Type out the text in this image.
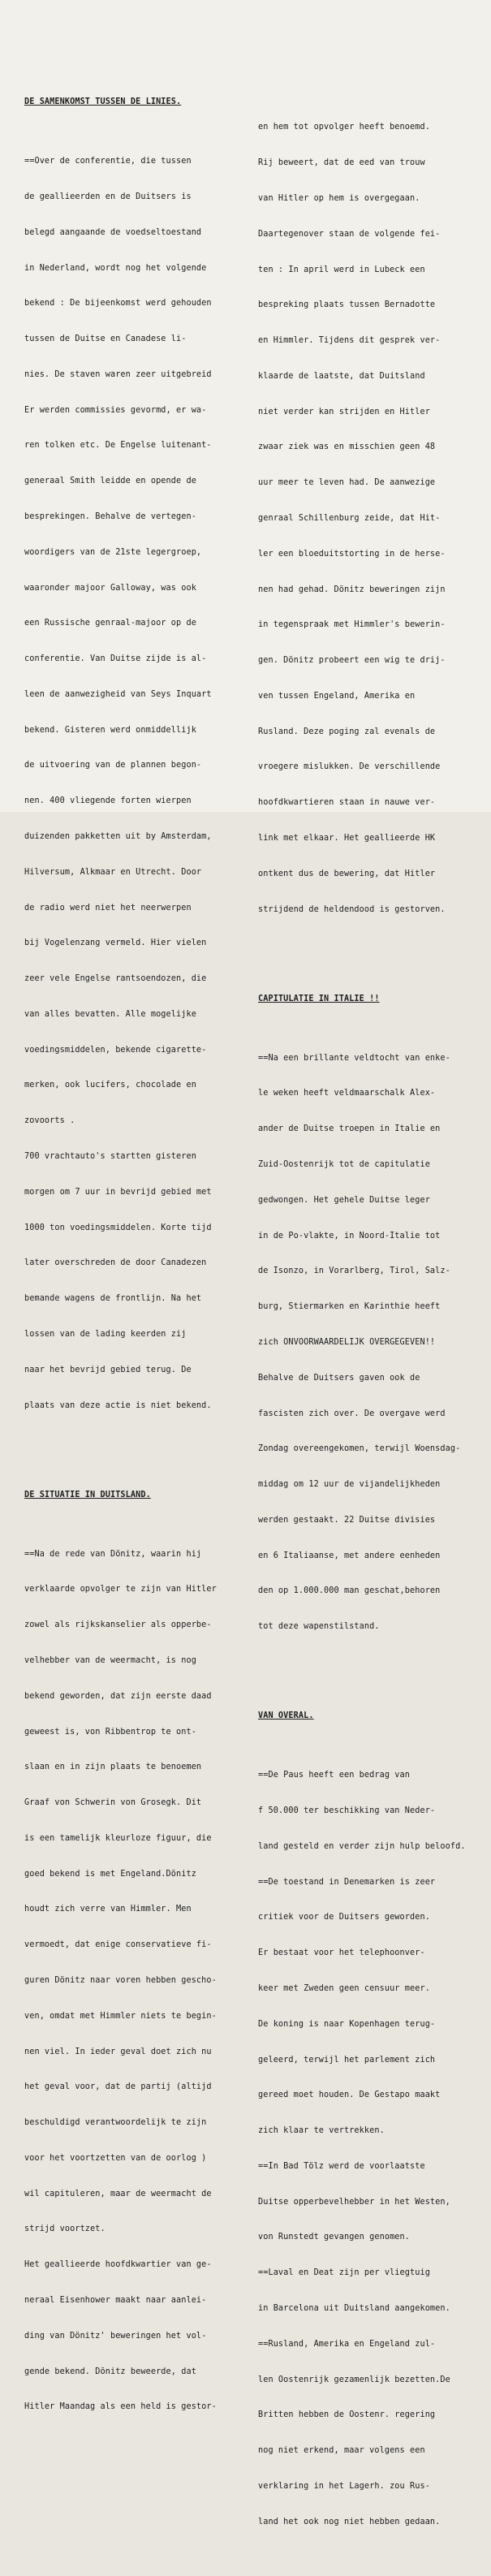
DE SAMENKOMST TUSSEN DE LINIES.

==Over de conferentie, die tussen

de geallieerden en de Duitsers is

belegd aangaande de voedseltoestand

in Nederland, wordt nog het volgende

bekend : De bijeenkomst werd gehouden

tussen de Duitse en Canadese li-

nies. De staven waren zeer uitgebreid

Er werden commissies gevormd, er wa-

ren tolken etc. De Engelse luitenant-

generaal Smith leidde en opende de

besprekingen. Behalve de vertegen-

woordigers van de 21ste legergroep,

waaronder majoor Galloway, was ook

een Russische genraal-majoor op de

conferentie. Van Duitse zijde is al-

leen de aanwezigheid van Seys Inquart

bekend. Gisteren werd onmiddellijk

de uitvoering van de plannen begon-

nen. 400 vliegende forten wierpen

duizenden pakketten uit by Amsterdam,

Hilversum, Alkmaar en Utrecht. Door

de radio werd niet het neerwerpen

bij Vogelenzang vermeld. Hier vielen

zeer vele Engelse rantsoendozen, die

van alles bevatten. Alle mogelijke

voedingsmiddelen, bekende cigarette-

merken, ook lucifers, chocolade en

zovoorts .

700 vrachtauto's startten gisteren

morgen om 7 uur in bevrijd gebied met

1000 ton voedingsmiddelen. Korte tijd

later overschreden de door Canadezen

bemande wagens de frontlijn. Na het

lossen van de lading keerden zij

naar het bevrijd gebied terug. De

plaats van deze actie is niet bekend.

DE SITUATIE IN DUITSLAND.

==Na de rede van Dönitz, waarin hij

verklaarde opvolger te zijn van Hitler

zowel als rijkskanselier als opperbe-

velhebber van de weermacht, is nog

bekend geworden, dat zijn eerste daad

geweest is, von Ribbentrop te ont-

slaan en in zijn plaats te benoemen

Graaf von Schwerin von Grosegk. Dit

is een tamelijk kleurloze figuur, die

goed bekend is met Engeland.Dönitz

houdt zich verre van Himmler. Men

vermoedt, dat enige conservatieve fi-

guren Dönitz naar voren hebben gescho-

ven, omdat met Himmler niets te begin-

nen viel. In ieder geval doet zich nu

het geval voor, dat de partij (altijd

beschuldigd verantwoordelijk te zijn

voor het voortzetten van de oorlog )

wil capituleren, maar de weermacht de

strijd voortzet.

Het geallieerde hoofdkwartier van ge-

neraal Eisenhower maakt naar aanlei-

ding van Dönitz' beweringen het vol-

gende bekend. Dönitz beweerde, dat

Hitler Maandag als een held is gestor-

en hem tot opvolger heeft benoemd.

Rij beweert, dat de eed van trouw

van Hitler op hem is overgegaan.

Daartegenover staan de volgende fei-

ten : In april werd in Lubeck een

bespreking plaats tussen Bernadotte

en Himmler. Tijdens dit gesprek ver-

klaarde de laatste, dat Duitsland

niet verder kan strijden en Hitler

zwaar ziek was en misschien geen 48

uur meer te leven had. De aanwezige

genraal Schillenburg zeide, dat Hit-

ler een bloeduitstorting in de herse-

nen had gehad. Dönitz beweringen zijn

in tegenspraak met Himmler's bewerin-

gen. Dönitz probeert een wig te drij-

ven tussen Engeland, Amerika en

Rusland. Deze poging zal evenals de

vroegere mislukken. De verschillende

hoofdkwartieren staan in nauwe ver-

link met elkaar. Het geallieerde HK

ontkent dus de bewering, dat Hitler

strijdend de heldendood is gestorven.

CAPITULATIE IN ITALIE !!

==Na een brillante veldtocht van enke-

le weken heeft veldmaarschalk Alex-

ander de Duitse troepen in Italie en

Zuid-Oostenrijk tot de capitulatie

gedwongen. Het gehele Duitse leger

in de Po-vlakte, in Noord-Italie tot

de Isonzo, in Vorarlberg, Tirol, Salz-

burg, Stiermarken en Karinthie heeft

zich ONVOORWAARDELIJK OVERGEGEVEN!!

Behalve de Duitsers gaven ook de

fascisten zich over. De overgave werd

Zondag overeengekomen, terwijl Woensdag-

middag om 12 uur de vijandelijkheden

werden gestaakt. 22 Duitse divisies

en 6 Italiaanse, met andere eenheden

den op 1.000.000 man geschat,behoren

tot deze wapenstilstand.

VAN OVERAL.

==De Paus heeft een bedrag van

f 50.000 ter beschikking van Neder-

land gesteld en verder zijn hulp beloofd.

==De toestand in Denemarken is zeer

critiek voor de Duitsers geworden.

Er bestaat voor het telephoonver-

keer met Zweden geen censuur meer.

De koning is naar Kopenhagen terug-

geleerd, terwijl het parlement zich

gereed moet houden. De Gestapo maakt

zich klaar te vertrekken.

==In Bad Tölz werd de voorlaatste

Duitse opperbevelhebber in het Westen,

von Runstedt gevangen genomen.

==Laval en Deat zijn per vliegtuig

in Barcelona uit Duitsland aangekomen.

==Rusland, Amerika en Engeland zul-

len Oostenrijk gezamenlijk bezetten.De

Britten hebben de Oostenr. regering

nog niet erkend, maar volgens een

verklaring in het Lagerh. zou Rus-

land het ook nog niet hebben gedaan.
